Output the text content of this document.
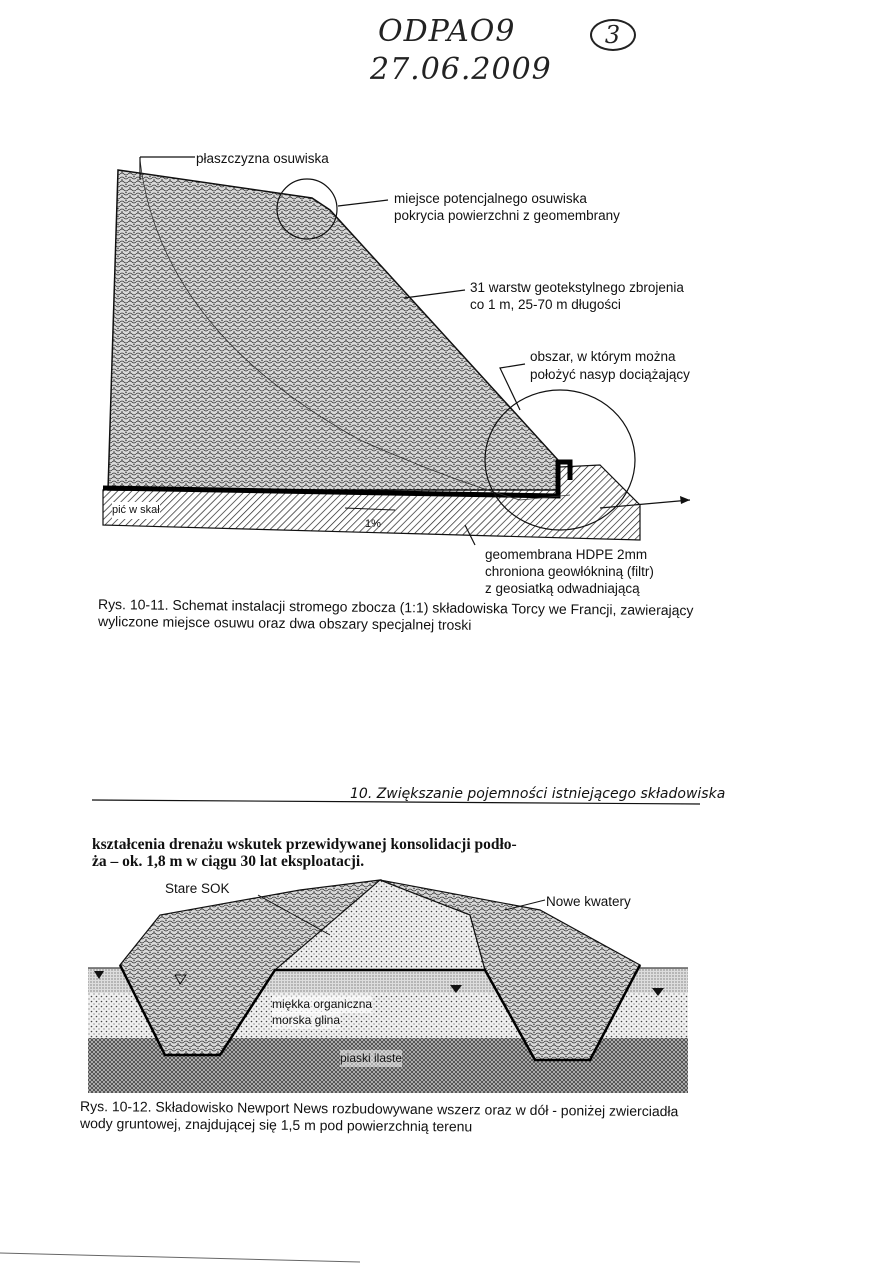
ODPAO9	3
27.06.2009
płaszczyzna osuwiska
miejsce potencjalnego osuwiska
pokrycia powierzchni z geomembrany
31 warstw geotekstylnego zbrojenia
co 1 m, 25-70 m długości
obszar, w którym można
położyć nasyp dociążający
pić w skał
1%
geomembrana HDPE 2mm
chroniona geowłókniną (filtr)
z geosiatką odwadniającą
Rys. 10-11. Schemat instalacji stromego zbocza (1:1) składowiska Torcy we Francji, zawierający
wyliczone miejsce osuwu oraz dwa obszary specjalnej troski
10. Zwiększanie pojemności istniejącego składowiska
kształcenia drenażu wskutek przewidywanej konsolidacji podło-
ża – ok. 1,8 m w ciągu 30 lat eksploatacji.
Stare SOK
Nowe kwatery
miękka organiczna
morska glina
piaski ilaste
Rys. 10-12. Składowisko Newport News rozbudowywane wszerz oraz w dół - poniżej zwierciadła
wody gruntowej, znajdującej się 1,5 m pod powierzchnią terenu
